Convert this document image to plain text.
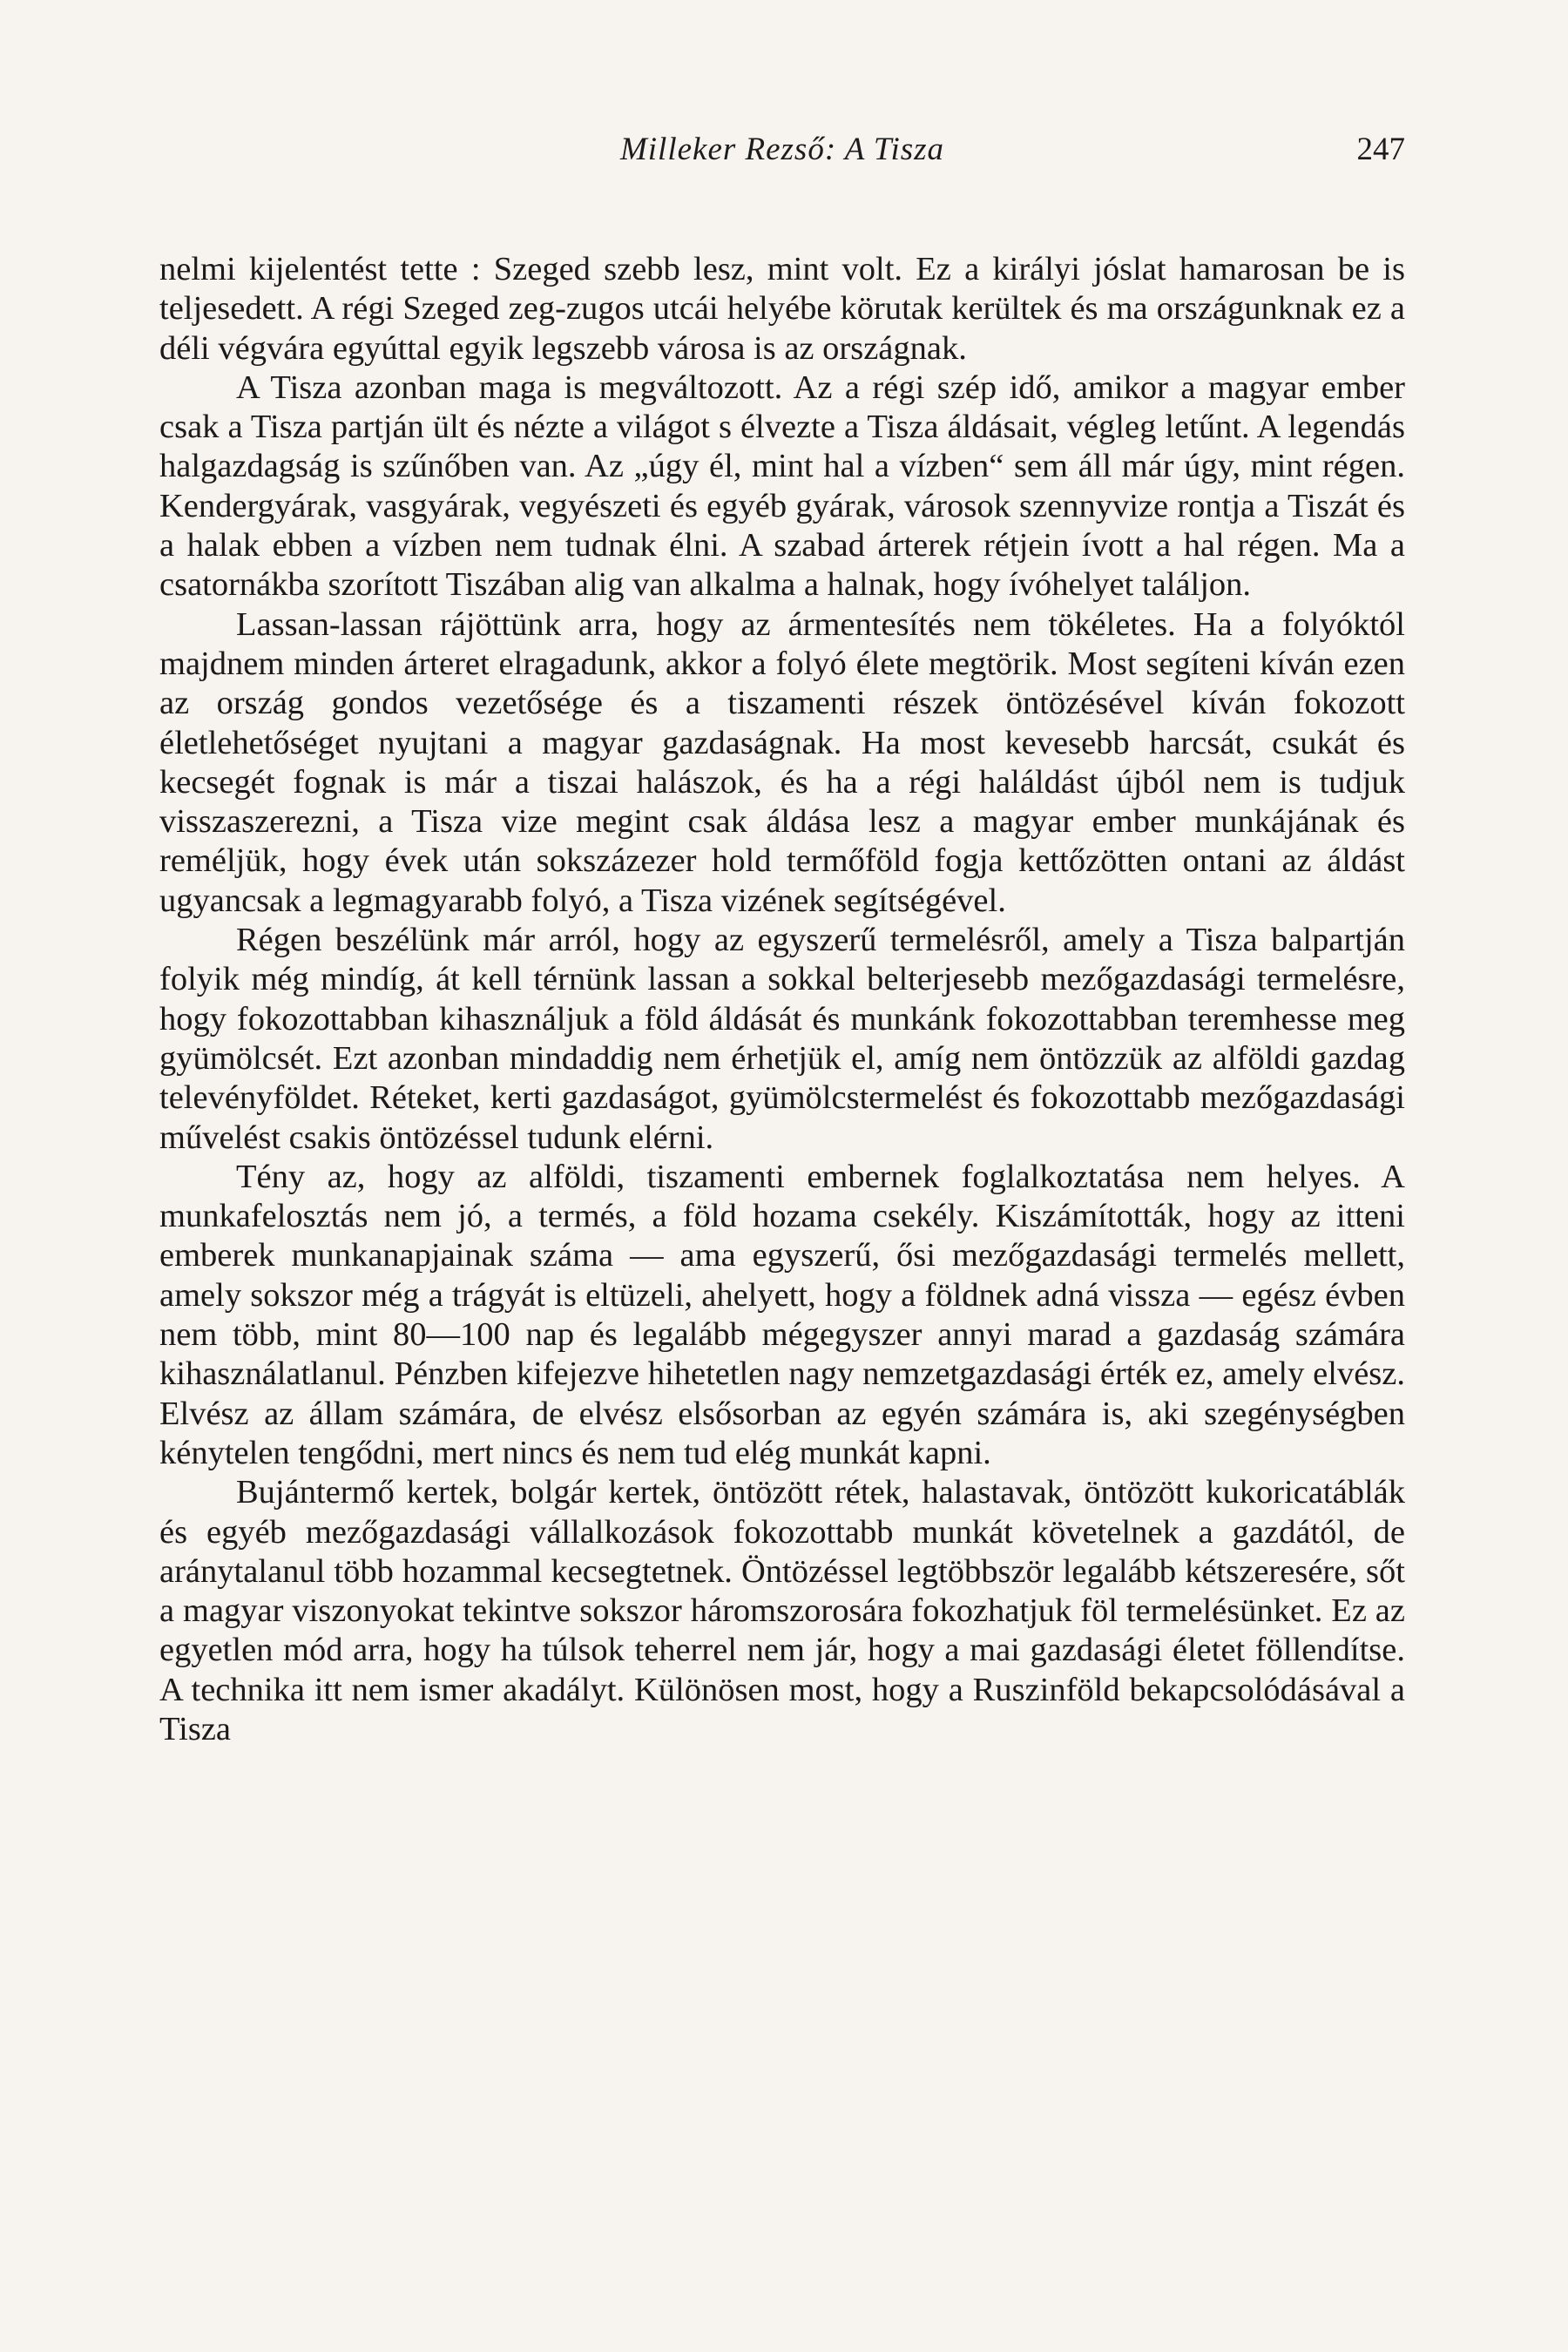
Milleker Rezső: A Tisza	247

nelmi kijelentést tette : Szeged szebb lesz, mint volt. Ez a királyi jóslat hamarosan be is teljesedett. A régi Szeged zeg-zugos utcái helyébe körutak kerültek és ma országunknak ez a déli végvára egyúttal egyik legszebb városa is az országnak.

A Tisza azonban maga is megváltozott. Az a régi szép idő, amikor a magyar ember csak a Tisza partján ült és nézte a világot s élvezte a Tisza áldásait, végleg letűnt. A legendás halgazdagság is szűnőben van. Az „úgy él, mint hal a vízben“ sem áll már úgy, mint régen. Kendergyárak, vasgyárak, vegyészeti és egyéb gyárak, városok szennyvize rontja a Tiszát és a halak ebben a vízben nem tudnak élni. A szabad árterek rétjein ívott a hal régen. Ma a csatornákba szorított Tiszában alig van alkalma a halnak, hogy ívóhelyet találjon.

Lassan-lassan rájöttünk arra, hogy az ármentesítés nem tökéletes. Ha a folyóktól majdnem minden árteret elragadunk, akkor a folyó élete megtörik. Most segíteni kíván ezen az ország gondos vezetősége és a tiszamenti részek öntözésével kíván fokozott életlehetőséget nyujtani a magyar gazdaságnak. Ha most kevesebb harcsát, csukát és kecsegét fognak is már a tiszai halászok, és ha a régi haláldást újból nem is tudjuk visszaszerezni, a Tisza vize megint csak áldása lesz a magyar ember munkájának és reméljük, hogy évek után sokszázezer hold termőföld fogja kettőzötten ontani az áldást ugyancsak a legmagyarabb folyó, a Tisza vizének segítségével.

Régen beszélünk már arról, hogy az egyszerű termelésről, amely a Tisza balpartján folyik még mindíg, át kell térnünk lassan a sokkal belterjesebb mezőgazdasági termelésre, hogy fokozottabban kihasználjuk a föld áldását és munkánk fokozottabban teremhesse meg gyümölcsét. Ezt azonban mindaddig nem érhetjük el, amíg nem öntözzük az alföldi gazdag televényföldet. Réteket, kerti gazdaságot, gyümölcstermelést és fokozottabb mezőgazdasági művelést csakis öntözéssel tudunk elérni.

Tény az, hogy az alföldi, tiszamenti embernek foglalkoztatása nem helyes. A munkafelosztás nem jó, a termés, a föld hozama csekély. Kiszámították, hogy az itteni emberek munkanapjainak száma — ama egyszerű, ősi mezőgazdasági termelés mellett, amely sokszor még a trágyát is eltüzeli, ahelyett, hogy a földnek adná vissza — egész évben nem több, mint 80—100 nap és legalább mégegyszer annyi marad a gazdaság számára kihasználatlanul. Pénzben kifejezve hihetetlen nagy nemzetgazdasági érték ez, amely elvész. Elvész az állam számára, de elvész elsősorban az egyén számára is, aki szegénységben kénytelen tengődni, mert nincs és nem tud elég munkát kapni.

Bujántermő kertek, bolgár kertek, öntözött rétek, halastavak, öntözött kukoricatáblák és egyéb mezőgazdasági vállalkozások fokozottabb munkát követelnek a gazdától, de aránytalanul több hozammal kecsegtetnek. Öntözéssel legtöbbször legalább kétszeresére, sőt a magyar viszonyokat tekintve sokszor háromszorosára fokozhatjuk föl termelésünket. Ez az egyetlen mód arra, hogy ha túlsok teherrel nem jár, hogy a mai gazdasági életet föllendítse. A technika itt nem ismer akadályt. Különösen most, hogy a Ruszinföld bekapcsolódásával a Tisza
